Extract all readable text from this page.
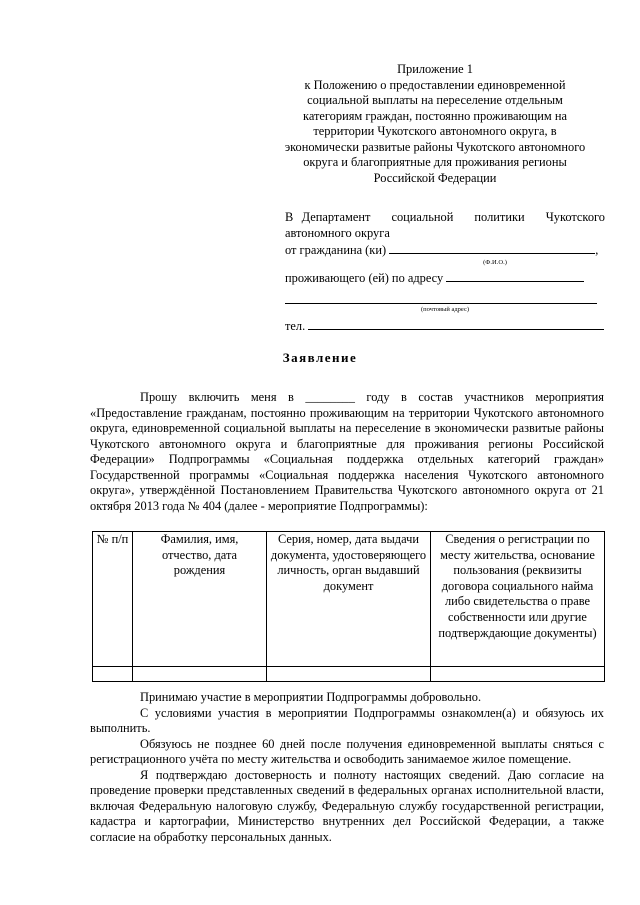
Приложение 1
к Положению о предоставлении единовременной
социальной выплаты на переселение отдельным
категориям граждан, постоянно проживающим на
территории Чукотского автономного округа, в
экономически развитые районы Чукотского автономного
округа и благоприятные для проживания регионы
Российской Федерации
В Департамент социальной политики Чукотского
автономного округа
от гражданина (ки)	,
(Ф.И.О.)
проживающего (ей) по адресу
(почтовый адрес)
тел.
Заявление

Прошу включить меня в ________ году в состав участников мероприятия «Предоставление гражданам, постоянно проживающим на территории Чукотского автономного округа, единовременной социальной выплаты на переселение в экономически развитые районы Чукотского автономного округа и благоприятные для проживания регионы Российской Федерации» Подпрограммы «Социальная поддержка отдельных категорий граждан» Государственной программы «Социальная поддержка населения Чукотского автономного округа», утверждённой Постановлением Правительства Чукотского автономного округа от 21 октября 2013 года № 404 (далее - мероприятие Подпрограммы):

№ п/п	Фамилия, имя, отчество, дата рождения	Серия, номер, дата выдачи документа, удостоверяющего личность, орган выдавший документ	Сведения о регистрации по месту жительства, основание пользования (реквизиты договора социального найма либо свидетельства о праве собственности или другие подтверждающие документы)

Принимаю участие в мероприятии Подпрограммы добровольно.

С условиями участия в мероприятии Подпрограммы ознакомлен(а) и обязуюсь их выполнить.

Обязуюсь не позднее 60 дней после получения единовременной выплаты сняться с регистрационного учёта по месту жительства и освободить занимаемое жилое помещение.

Я подтверждаю достоверность и полноту настоящих сведений. Даю согласие на проведение проверки представленных сведений в федеральных органах исполнительной власти, включая Федеральную налоговую службу, Федеральную службу государственной регистрации, кадастра и картографии, Министерство внутренних дел Российской Федерации, а также согласие на обработку персональных данных.
